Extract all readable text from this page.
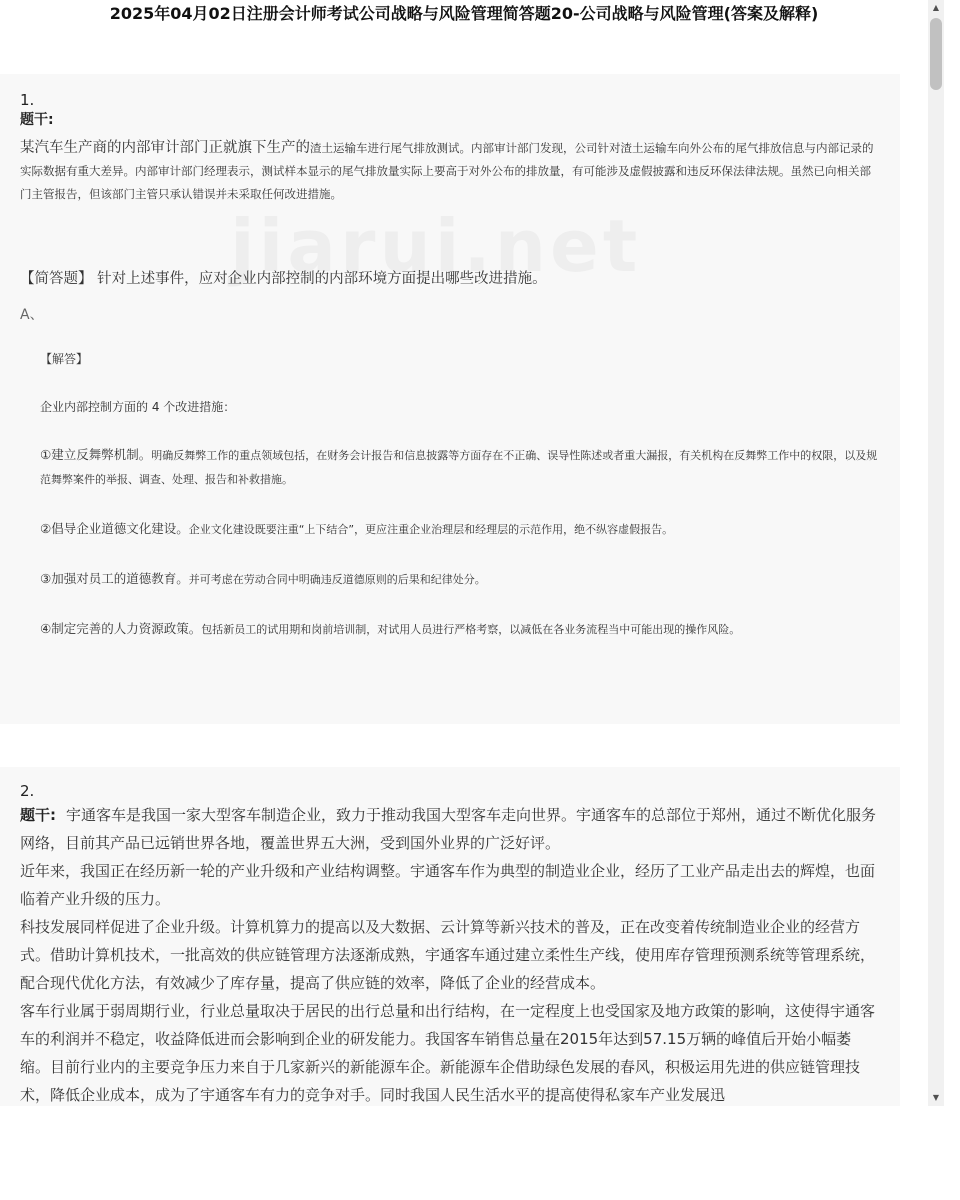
2025年04月02日注册会计师考试公司战略与风险管理简答题20-公司战略与风险管理(答案及解释)
1.
题干:
某汽车生产商的内部审计部门正就旗下生产的渣土运输车进行尾气排放测试。内部审计部门发现，公司针对渣土运输车向外公布的尾气排放信息与内部记录的实际数据有重大差异。内部审计部门经理表示，测试样本显示的尾气排放量实际上要高于对外公布的排放量，有可能涉及虚假披露和违反环保法律法规。虽然已向相关部门主管报告，但该部门主管只承认错误并未采取任何改进措施。
【简答题】 针对上述事件，应对企业内部控制的内部环境方面提出哪些改进措施。
A、
【解答】
企业内部控制方面的 4 个改进措施：
①建立反舞弊机制。明确反舞弊工作的重点领域包括，在财务会计报告和信息披露等方面存在不正确、误导性陈述或者重大漏报，有关机构在反舞弊工作中的权限，以及规范舞弊案件的举报、调查、处理、报告和补救措施。
②倡导企业道德文化建设。企业文化建设既要注重“上下结合”，更应注重企业治理层和经理层的示范作用，绝不纵容虚假报告。
③加强对员工的道德教育。并可考虑在劳动合同中明确违反道德原则的后果和纪律处分。
④制定完善的人力资源政策。包括新员工的试用期和岗前培训制，对试用人员进行严格考察，以减低在各业务流程当中可能出现的操作风险。
2.

题干: 宇通客车是我国一家大型客车制造企业，致力于推动我国大型客车走向世界。宇通客车的总部位于郑州，通过不断优化服务网络，目前其产品已远销世界各地，覆盖世界五大洲，受到国外业界的广泛好评。

近年来，我国正在经历新一轮的产业升级和产业结构调整。宇通客车作为典型的制造业企业，经历了工业产品走出去的辉煌，也面临着产业升级的压力。

科技发展同样促进了企业升级。计算机算力的提高以及大数据、云计算等新兴技术的普及，正在改变着传统制造业企业的经营方式。借助计算机技术，一批高效的供应链管理方法逐渐成熟，宇通客车通过建立柔性生产线，使用库存管理预测系统等管理系统，配合现代优化方法，有效减少了库存量，提高了供应链的效率，降低了企业的经营成本。

客车行业属于弱周期行业，行业总量取决于居民的出行总量和出行结构，在一定程度上也受国家及地方政策的影响，这使得宇通客车的利润并不稳定，收益降低进而会影响到企业的研发能力。我国客车销售总量在2015年达到57.15万辆的峰值后开始小幅萎缩。目前行业内的主要竞争压力来自于几家新兴的新能源车企。新能源车企借助绿色发展的春风，积极运用先进的供应链管理技术，降低企业成本，成为了宇通客车有力的竞争对手。同时我国人民生活水平的提高使得私家车产业发展迅

▲
▼
